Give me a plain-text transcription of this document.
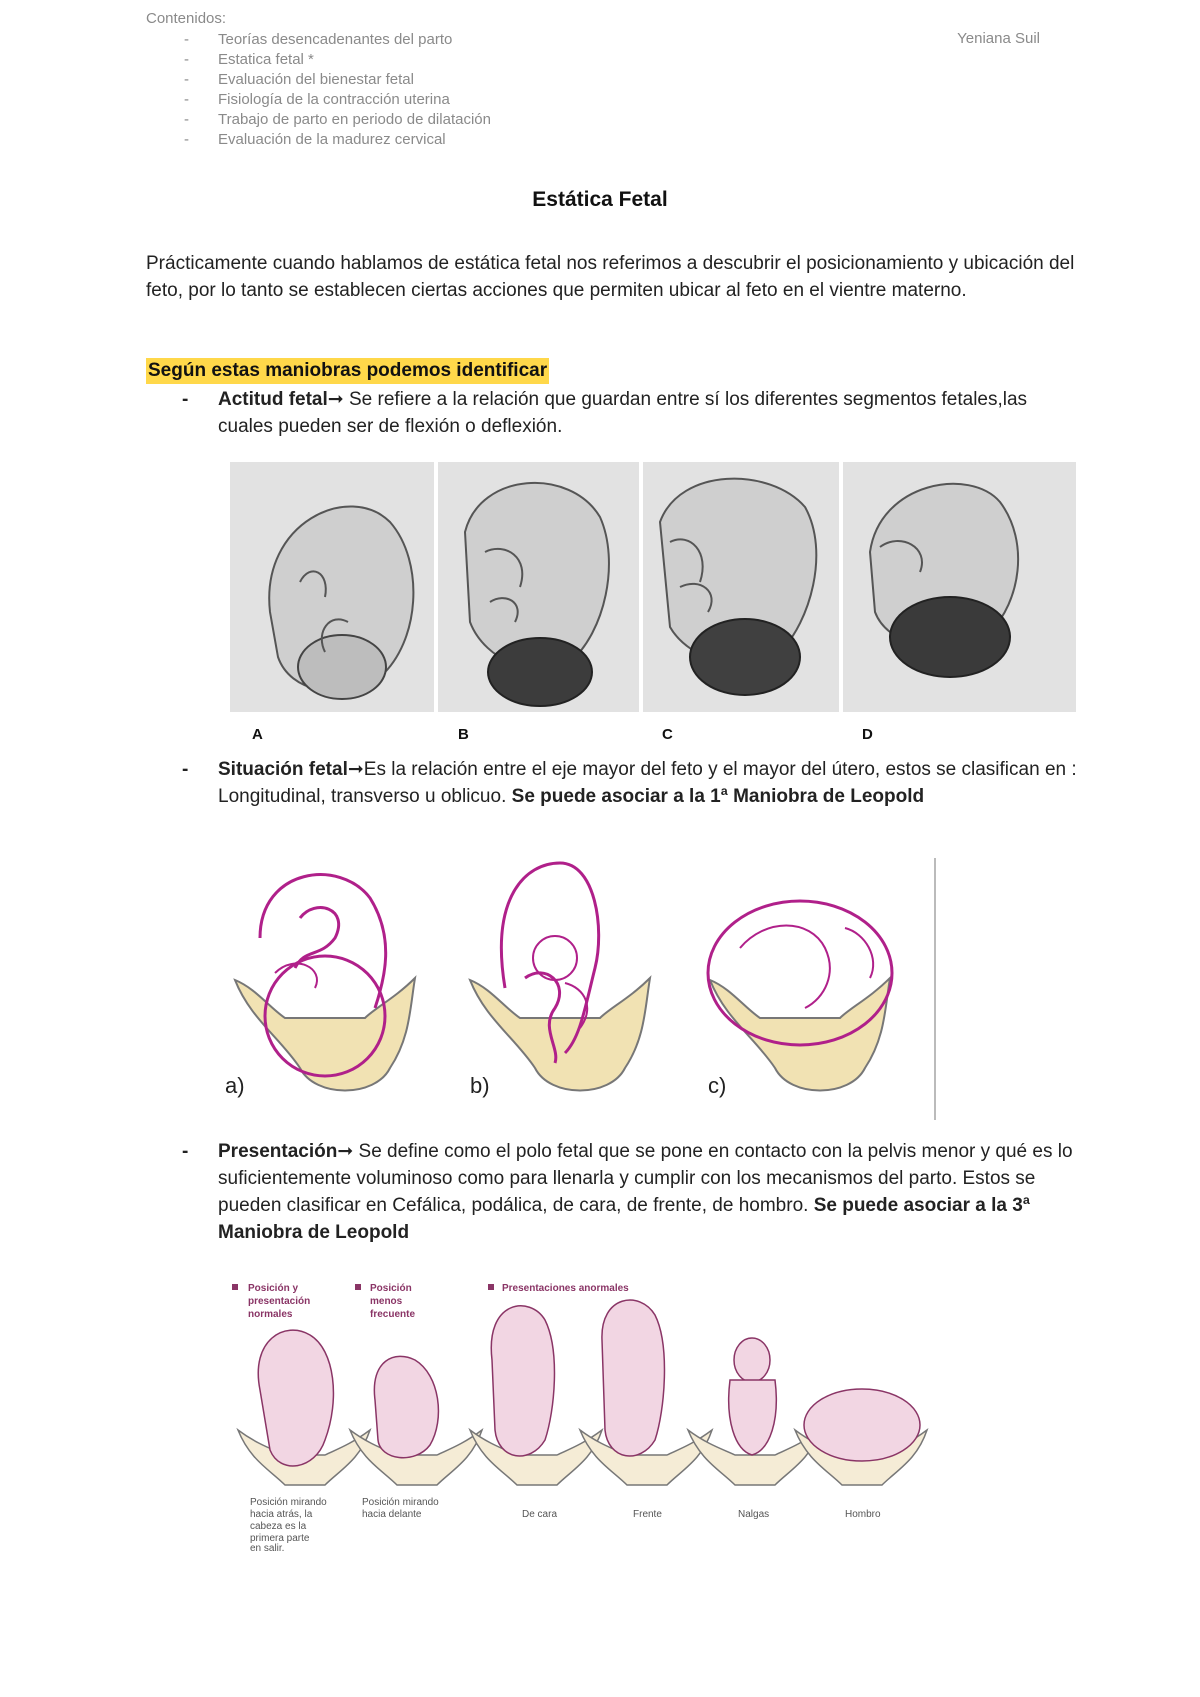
Contenidos:
- Teorías desencadenantes del parto
- Estatica fetal *
- Evaluación del bienestar fetal
- Fisiología de la contracción uterina
- Trabajo de parto en periodo de dilatación
- Evaluación de la madurez cervical
Yeniana Suil
Estática Fetal
Prácticamente cuando hablamos de estática fetal nos referimos a descubrir el posicionamiento y ubicación del feto, por lo tanto se establecen ciertas acciones que permiten ubicar al feto en el vientre materno.
Según estas maniobras podemos identificar
- Actitud fetal➞ Se refiere a la relación que guardan entre sí los diferentes segmentos fetales,las cuales pueden ser de flexión o deflexión.
A	B	C	D
- Situación fetal➞Es la relación entre el eje mayor del feto y el mayor del útero, estos se clasifican en : Longitudinal, transverso u oblicuo. Se puede asociar a la 1ª Maniobra de Leopold
a)	b)	c)
- Presentación➞ Se define como el polo fetal que se pone en contacto con la pelvis menor y qué es lo suficientemente voluminoso como para llenarla y cumplir con los mecanismos del parto. Estos se pueden clasificar en Cefálica, podálica, de cara, de frente, de hombro. Se puede asociar a la 3ª Maniobra de Leopold
Posición y
presentación
normales
Posición
menos
frecuente
Presentaciones anormales
Posición mirando
hacia atrás, la
cabeza es la
primera parte
en salir.
Posición mirando
hacia delante	De cara	Frente	Nalgas	Hombro
